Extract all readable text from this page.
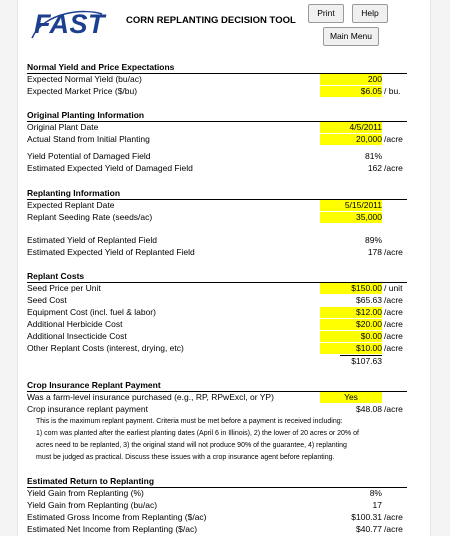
FAST CORN REPLANTING DECISION TOOL
Print	Help
Main Menu
Normal Yield and Price Expectations
Expected Normal Yield (bu/ac)	200
Expected Market Price ($/bu)	$6.05 / bu.
Original Planting Information
Original Plant Date	4/5/2011
Actual Stand from Initial Planting	20,000 /acre
Yield Potential of Damaged Field	81%
Estimated Expected Yield of Damaged Field	162 /acre
Replanting Information
Expected Replant Date	5/15/2011
Replant Seeding Rate (seeds/ac)	35,000
Estimated Yield of Replanted Field	89%
Estimated Expected Yield of Replanted Field	178 /acre
Replant Costs
Seed Price per Unit	$150.00 / unit
Seed Cost	$65.63 /acre
Equipment Cost (incl. fuel & labor)	$12.00 /acre
Additional Herbicide Cost	$20.00 /acre
Additional Insecticide Cost	$0.00 /acre
Other Replant Costs (interest, drying, etc)	$10.00 /acre
$107.63
Crop Insurance Replant Payment
Was a farm-level insurance purchased (e.g., RP, RPwExcl, or YP)	Yes
Crop insurance replant payment	$48.08 /acre
This is the maximum replant payment. Criteria must be met before a payment is received including:
1) corn was planted after the earliest planting dates (April 6 in Illinois), 2) the lower of 20 acres or 20% of
acres need to be replanted, 3) the original stand will not produce 90% of the guarantee, 4) replanting
must be judged as practical. Discuss these issues with a crop insurance agent before replanting.
Estimated Return to Replanting
Yield Gain from Replanting (%)	8%
Yield Gain from Replanting (bu/ac)	17
Estimated Gross Income from Replanting ($/ac)	$100.31 /acre
Estimated Net Income from Replanting ($/ac)	$40.77 /acre
